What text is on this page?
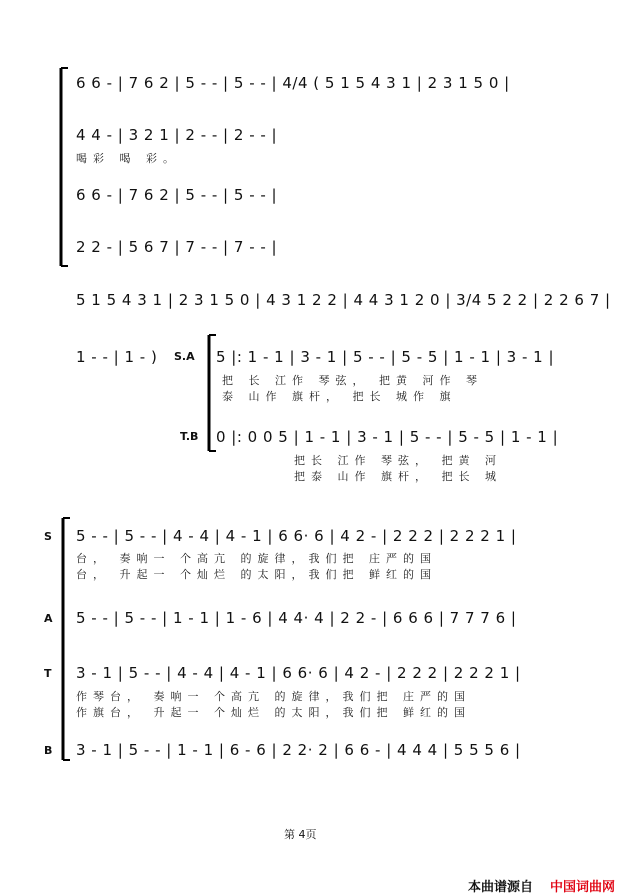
6 6 - | 7 6 2 | 5 - - | 5 - - | 4/4 ( 5 1 5 4 3 1 | 2 3 1 5 0 |
4 4 - | 3 2 1 | 2 - - | 2 - - |
喝彩 喝 彩。
6 6 - | 7 6 2 | 5 - - | 5 - - |
2 2 - | 5 6 7 | 7 - - | 7 - - |
5 1 5 4 3 1 | 2 3 1 5 0 | 4 3 1 2 2 | 4 4 3 1 2 0 | 3/4 5 2 2 | 2 2 6 7 |
1 - - | 1 - ) S.A 5 |: 1 - 1 | 3 - 1 | 5 - - | 5 - 5 | 1 - 1 | 3 - 1 |
把 长 江作 琴弦， 把黄 河作 琴
泰 山作 旗杆， 把长 城作 旗
T.B 0 |: 0 0 5 | 1 - 1 | 3 - 1 | 5 - - | 5 - 5 | 1 - 1 |
把长 江作 琴弦， 把黄 河
把泰 山作 旗杆， 把长 城
S 5 - - | 5 - - | 4 - 4 | 4 - 1 | 6 6· 6 | 4 2 - | 2 2 2 | 2 2 2 1 |
台， 奏响一 个高亢 的旋律，我们把 庄严的国
台， 升起一 个灿烂 的太阳，我们把 鲜红的国
A 5 - - | 5 - - | 1 - 1 | 1 - 6 | 4 4· 4 | 2 2 - | 6 6 6 | 7 7 7 6 |
T 3 - 1 | 5 - - | 4 - 4 | 4 - 1 | 6 6· 6 | 4 2 - | 2 2 2 | 2 2 2 1 |
作琴台， 奏响一 个高亢 的旋律，我们把 庄严的国
作旗台， 升起一 个灿烂 的太阳，我们把 鲜红的国
B 3 - 1 | 5 - - | 1 - 1 | 6 - 6 | 2 2· 2 | 6 6 - | 4 4 4 | 5 5 5 6 |
第 4页
本曲谱源自 中国词曲网
